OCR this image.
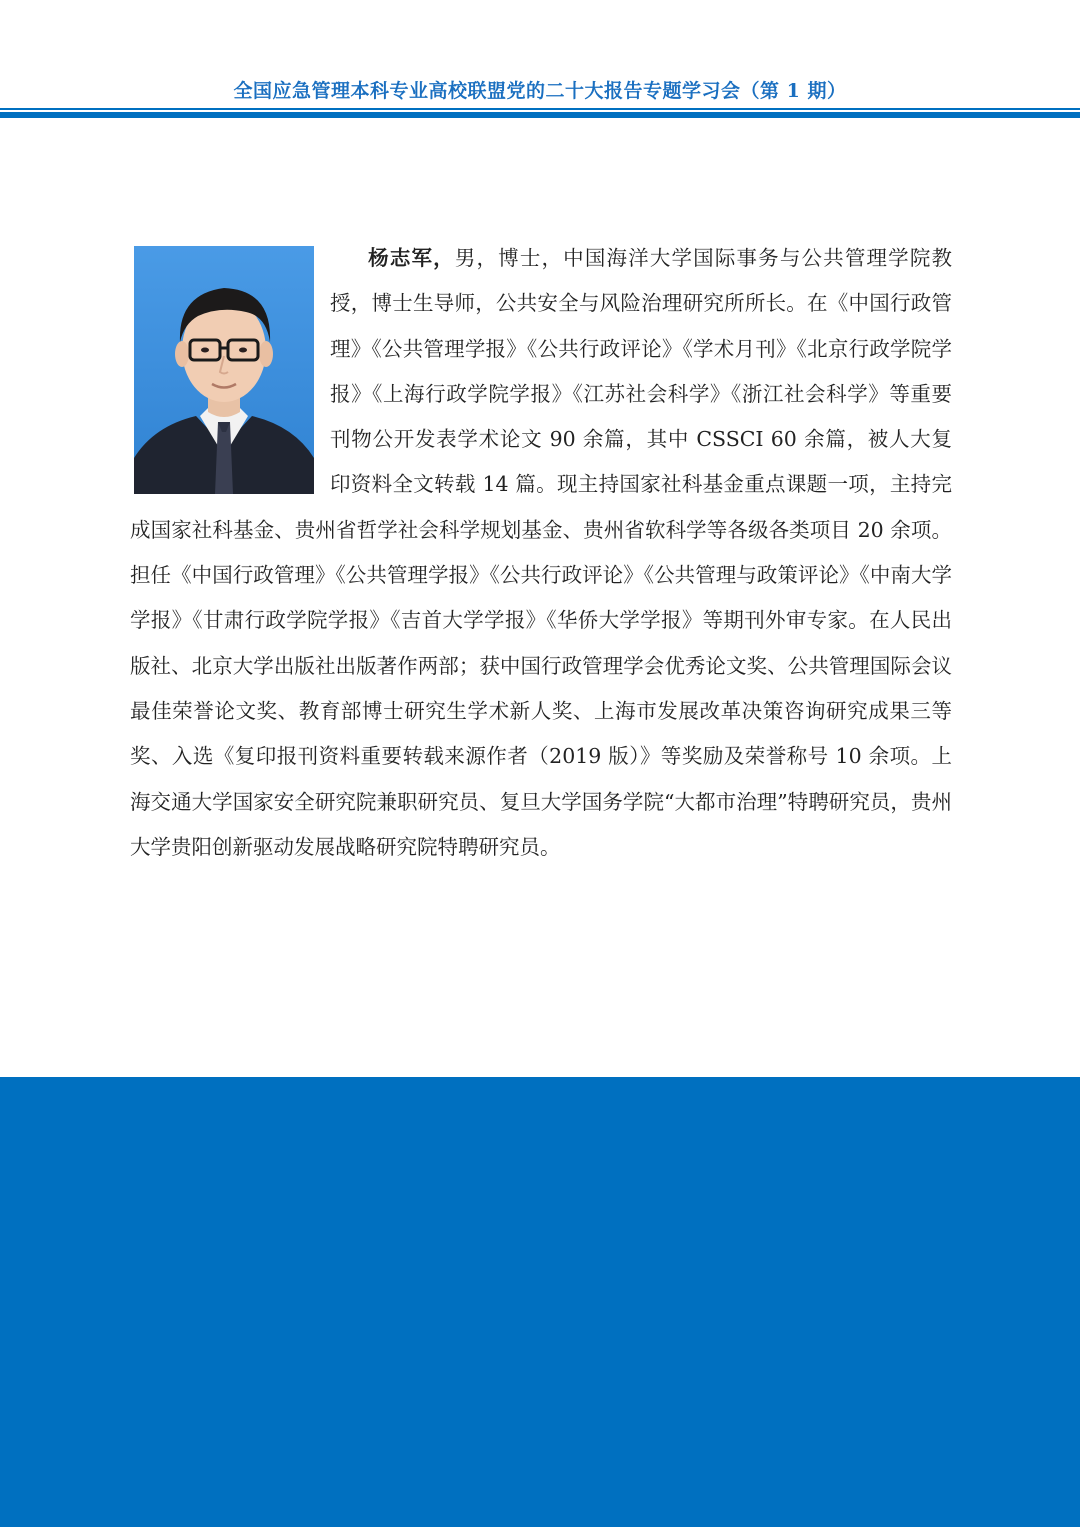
全国应急管理本科专业高校联盟党的二十大报告专题学习会（第 1 期）
杨志军，男，博士，中国海洋大学国际事务与公共管理学院教授，博士生导师，公共安全与风险治理研究所所长。在《中国行政管理》《公共管理学报》《公共行政评论》《学术月刊》《北京行政学院学报》《上海行政学院学报》《江苏社会科学》《浙江社会科学》等重要刊物公开发表学术论文 90 余篇，其中 CSSCI 60 余篇，被人大复印资料全文转载 14 篇。现主持国家社科基金重点课题一项，主持完成国家社科基金、贵州省哲学社会科学规划基金、贵州省软科学等各级各类项目 20 余项。担任《中国行政管理》《公共管理学报》《公共行政评论》《公共管理与政策评论》《中南大学学报》《甘肃行政学院学报》《吉首大学学报》《华侨大学学报》等期刊外审专家。在人民出版社、北京大学出版社出版著作两部；获中国行政管理学会优秀论文奖、公共管理国际会议最佳荣誉论文奖、教育部博士研究生学术新人奖、上海市发展改革决策咨询研究成果三等奖、入选《复印报刊资料重要转载来源作者（2019 版）》等奖励及荣誉称号 10 余项。上海交通大学国家安全研究院兼职研究员、复旦大学国务学院“大都市治理”特聘研究员，贵州大学贵阳创新驱动发展战略研究院特聘研究员。
